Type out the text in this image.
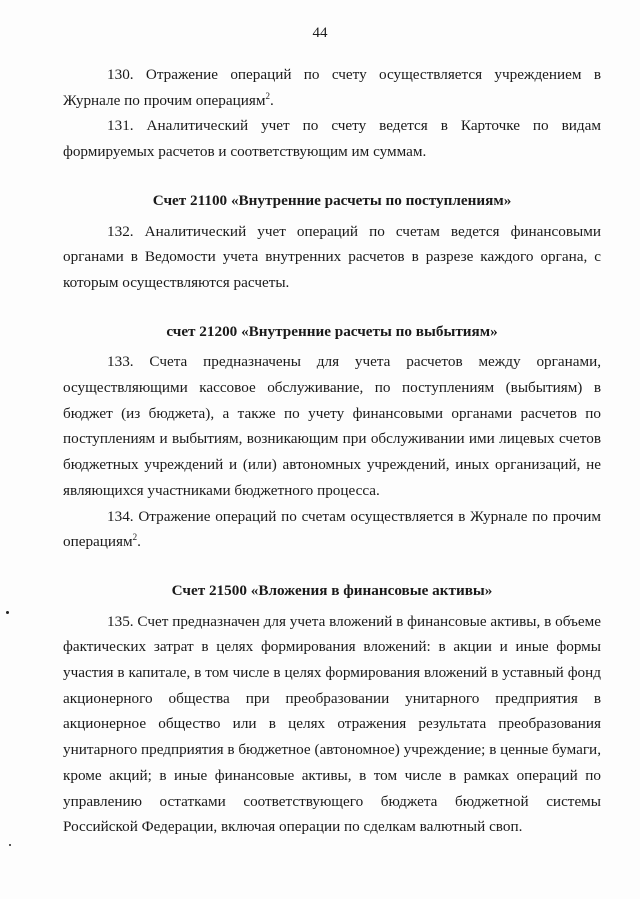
44

130. Отражение операций по счету осуществляется учреждением в Журнале по прочим операциям$^2$.

131. Аналитический учет по счету ведется в Карточке по видам формируемых расчетов и соответствующим им суммам.

Счет 21100 «Внутренние расчеты по поступлениям»

132. Аналитический учет операций по счетам ведется финансовыми органами в Ведомости учета внутренних расчетов в разрезе каждого органа, с которым осуществляются расчеты.

счет 21200 «Внутренние расчеты по выбытиям»

133. Счета предназначены для учета расчетов между органами, осуществляющими кассовое обслуживание, по поступлениям (выбытиям) в бюджет (из бюджета), а также по учету финансовыми органами расчетов по поступлениям и выбытиям, возникающим при обслуживании ими лицевых счетов бюджетных учреждений и (или) автономных учреждений, иных организаций, не являющихся участниками бюджетного процесса.

134. Отражение операций по счетам осуществляется в Журнале по прочим операциям$^2$.

Счет 21500 «Вложения в финансовые активы»

135. Счет предназначен для учета вложений в финансовые активы, в объеме фактических затрат в целях формирования вложений: в акции и иные формы участия в капитале, в том числе в целях формирования вложений в уставный фонд акционерного общества при преобразовании унитарного предприятия в акционерное общество или в целях отражения результата преобразования унитарного предприятия в бюджетное (автономное) учреждение; в ценные бумаги, кроме акций; в иные финансовые активы, в том числе в рамках операций по управлению остатками соответствующего бюджета бюджетной системы Российской Федерации, включая операции по сделкам валютный своп.
